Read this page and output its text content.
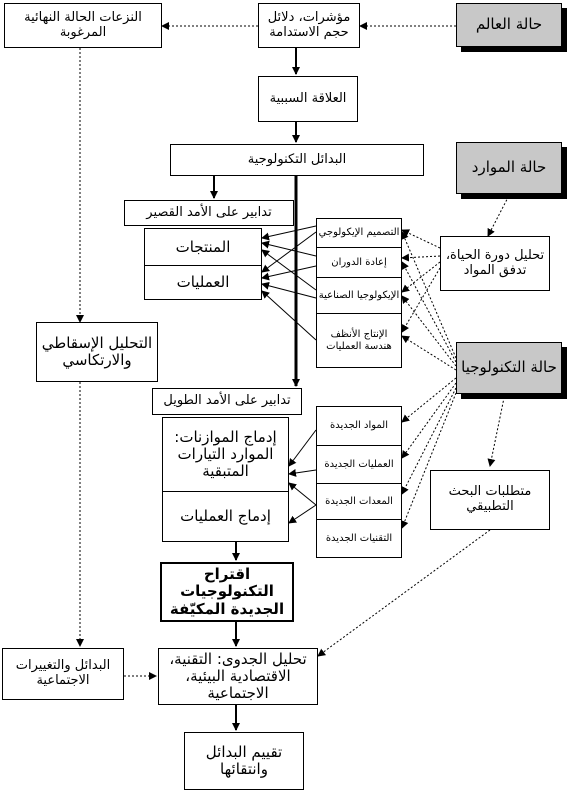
حالة العالم
مؤشرات، دلائل حجم الاستدامة
النزعات الحالة النهائية المرغوبة
العلاقة السببية
البدائل التكنولوجية	حالة الموارد
تدابير على الأمد القصير
المنتجات
العمليات
التصميم الإيكولوجي
إعادة الدوران
الإيكولوجيا الصناعية
الإنتاج الأنظف هندسة العمليات
تحليل دورة الحياة، تدفق المواد
التحليل الإسقاطي والارتكاسي	حالة التكنولوجيا
تدابير على الأمد الطويل
إدماج الموازنات: الموارد التيارات المتبقية
إدماج العمليات
المواد الجديدة
العمليات الجديدة
المعدات الجديدة
التقنيات الجديدة
متطلبات البحث التطبيقي
اقتراح التكنولوجيات الجديدة المكيّفة
البدائل والتغييرات الاجتماعية
تحليل الجدوى: التقنية، الاقتصادية البيئية، الاجتماعية
تقييم البدائل وانتقائها
